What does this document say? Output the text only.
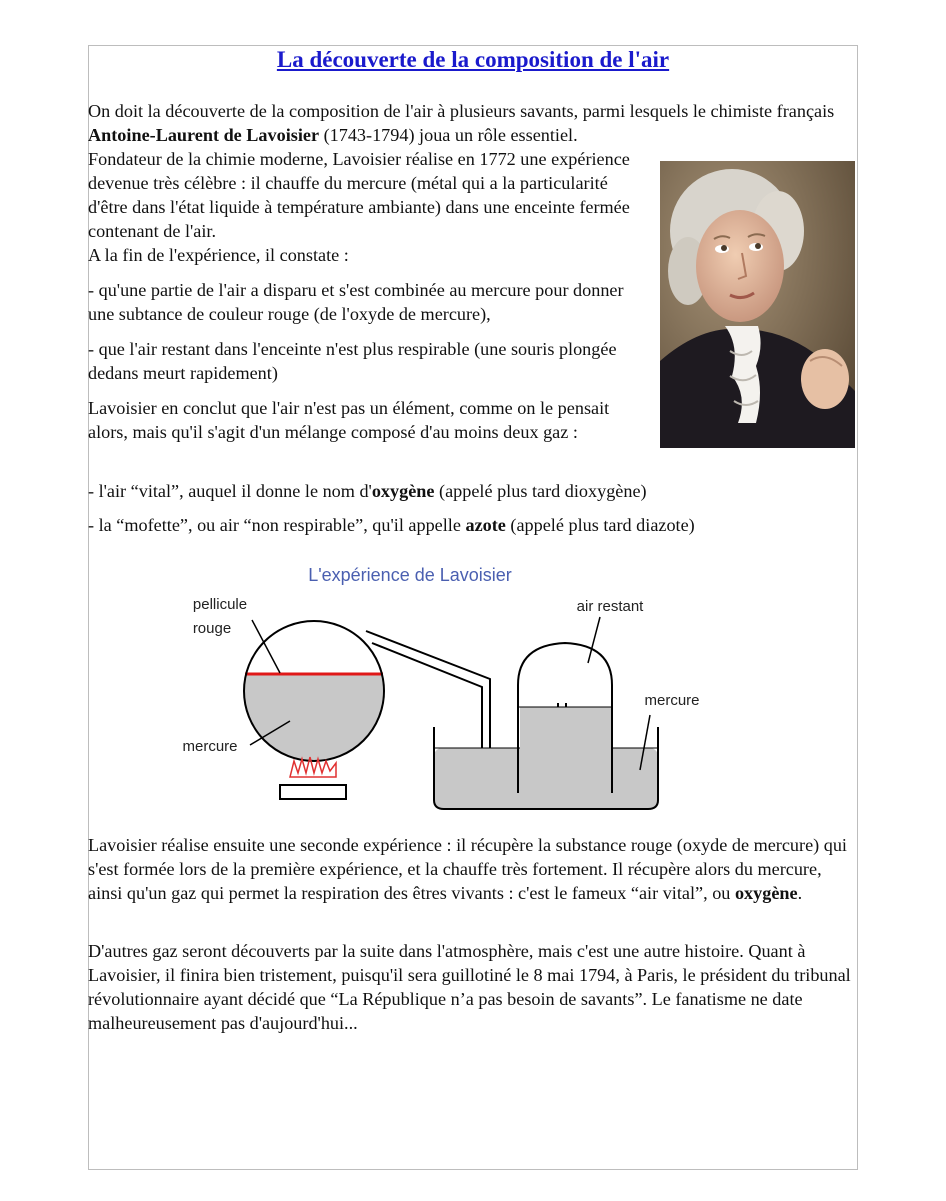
La découverte de la composition de l'air

On doit la découverte de la composition de l'air à plusieurs savants, parmi lesquels le chimiste français Antoine-Laurent de Lavoisier (1743-1794) joua un rôle essentiel.

Fondateur de la chimie moderne, Lavoisier réalise en 1772 une expérience devenue très célèbre : il chauffe du mercure (métal qui a la particularité d'être dans l'état liquide à température ambiante) dans une enceinte fermée contenant de l'air.

A la fin de l'expérience, il constate :

- qu'une partie de l'air a disparu et s'est combinée au mercure pour donner une subtance de couleur rouge (de l'oxyde de mercure),

- que l'air restant dans l'enceinte n'est plus respirable (une souris plongée dedans meurt rapidement)

Lavoisier en conclut que l'air n'est pas un élément, comme on le pensait alors, mais qu'il s'agit d'un mélange composé d'au moins deux gaz :

- l'air “vital”, auquel il donne le nom d'oxygène (appelé plus tard dioxygène)

- la “mofette”, ou air “non respirable”, qu'il appelle azote (appelé plus tard diazote)

L'expérience de Lavoisier
pellicule
rouge
mercure
air restant
mercure

Lavoisier réalise ensuite une seconde expérience : il récupère la substance rouge (oxyde de mercure) qui s'est formée lors de la première expérience, et la chauffe très fortement. Il récupère alors du mercure, ainsi qu'un gaz qui permet la respiration des êtres vivants : c'est le fameux “air vital”, ou oxygène.

D'autres gaz seront découverts par la suite dans l'atmosphère, mais c'est une autre histoire. Quant à Lavoisier, il finira bien tristement, puisqu'il sera guillotiné le 8 mai 1794, à Paris, le président du tribunal révolutionnaire ayant décidé que “La République n’a pas besoin de savants”. Le fanatisme ne date malheureusement pas d'aujourd'hui...
